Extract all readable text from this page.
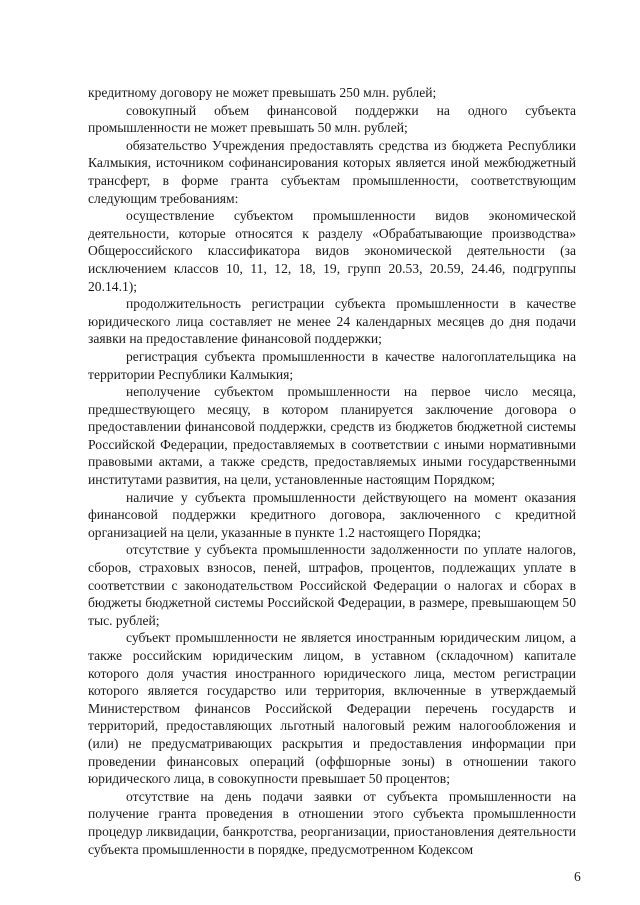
кредитному договору не может превышать 250 млн. рублей;

совокупный объем финансовой поддержки на одного субъекта промышленности не может превышать 50 млн. рублей;

обязательство Учреждения предоставлять средства из бюджета Республики Калмыкия, источником софинансирования которых является иной межбюджетный трансферт, в форме гранта субъектам промышленности, соответствующим следующим требованиям:

осуществление субъектом промышленности видов экономической деятельности, которые относятся к разделу «Обрабатывающие производства» Общероссийского классификатора видов экономической деятельности (за исключением классов 10, 11, 12, 18, 19, групп 20.53, 20.59, 24.46, подгруппы 20.14.1);

продолжительность регистрации субъекта промышленности в качестве юридического лица составляет не менее 24 календарных месяцев до дня подачи заявки на предоставление финансовой поддержки;

регистрация субъекта промышленности в качестве налогоплательщика на территории Республики Калмыкия;

неполучение субъектом промышленности на первое число месяца, предшествующего месяцу, в котором планируется заключение договора о предоставлении финансовой поддержки, средств из бюджетов бюджетной системы Российской Федерации, предоставляемых в соответствии с иными нормативными правовыми актами, а также средств, предоставляемых иными государственными институтами развития, на цели, установленные настоящим Порядком;

наличие у субъекта промышленности действующего на момент оказания финансовой поддержки кредитного договора, заключенного с кредитной организацией на цели, указанные в пункте 1.2 настоящего Порядка;

отсутствие у субъекта промышленности задолженности по уплате налогов, сборов, страховых взносов, пеней, штрафов, процентов, подлежащих уплате в соответствии с законодательством Российской Федерации о налогах и сборах в бюджеты бюджетной системы Российской Федерации, в размере, превышающем 50 тыс. рублей;

субъект промышленности не является иностранным юридическим лицом, а также российским юридическим лицом, в уставном (складочном) капитале которого доля участия иностранного юридического лица, местом регистрации которого является государство или территория, включенные в утверждаемый Министерством финансов Российской Федерации перечень государств и территорий, предоставляющих льготный налоговый режим налогообложения и (или) не предусматривающих раскрытия и предоставления информации при проведении финансовых операций (оффшорные зоны) в отношении такого юридического лица, в совокупности превышает 50 процентов;

отсутствие на день подачи заявки от субъекта промышленности на получение гранта проведения в отношении этого субъекта промышленности процедур ликвидации, банкротства, реорганизации, приостановления деятельности субъекта промышленности в порядке, предусмотренном Кодексом

6
